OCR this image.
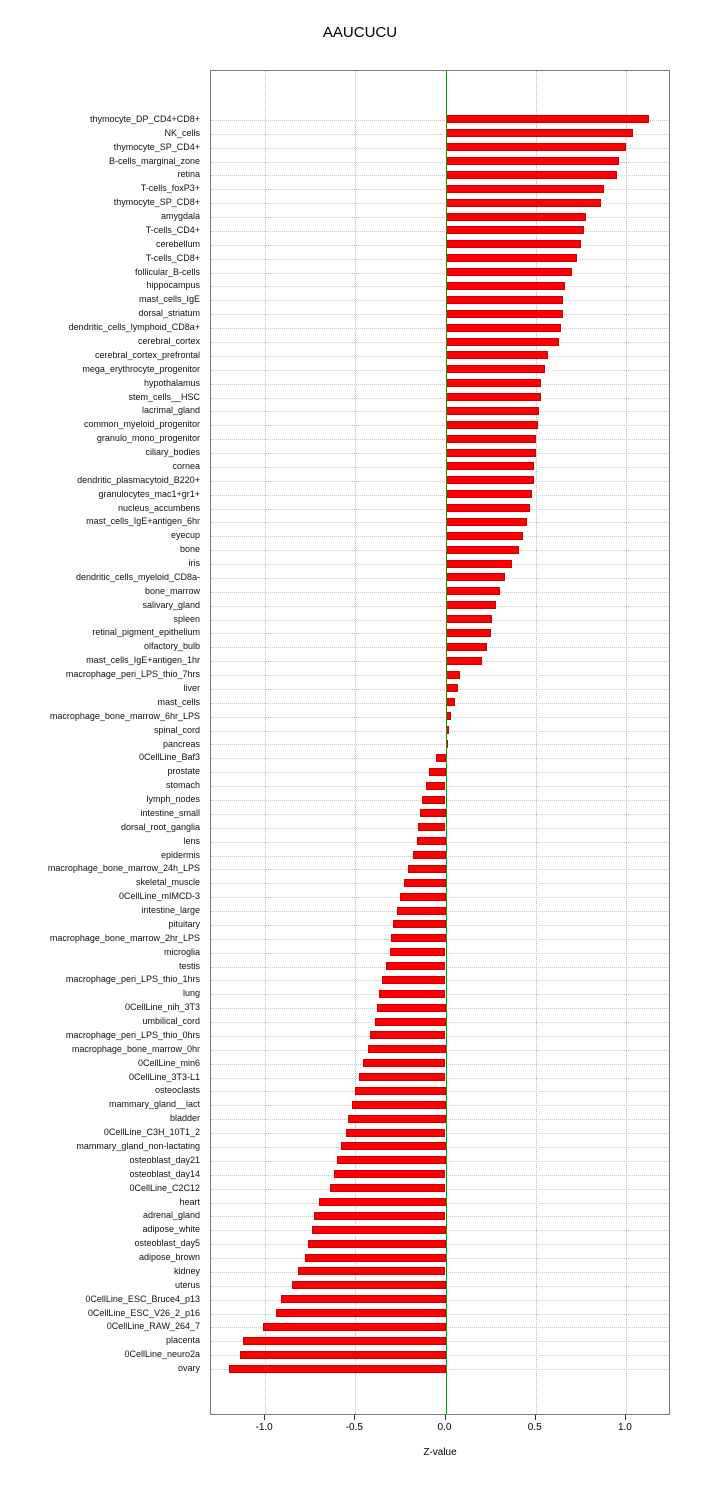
AAUCUCU
thymocyte_DP_CD4+CD8+
NK_cells
thymocyte_SP_CD4+
B-cells_marginal_zone
retina
T-cells_foxP3+
thymocyte_SP_CD8+
amygdala
T-cells_CD4+
cerebellum
T-cells_CD8+
follicular_B-cells
hippocampus
mast_cells_IgE
dorsal_striatum
dendritic_cells_lymphoid_CD8a+
cerebral_cortex
cerebral_cortex_prefrontal
mega_erythrocyte_progenitor
hypothalamus
stem_cells__HSC
lacrimal_gland
common_myeloid_progenitor
granulo_mono_progenitor
ciliary_bodies
cornea
dendritic_plasmacytoid_B220+
granulocytes_mac1+gr1+
nucleus_accumbens
mast_cells_IgE+antigen_6hr
eyecup
bone
iris
dendritic_cells_myeloid_CD8a-
bone_marrow
salivary_gland
spleen
retinal_pigment_epithelium
olfactory_bulb
mast_cells_IgE+antigen_1hr
macrophage_peri_LPS_thio_7hrs
liver
mast_cells
macrophage_bone_marrow_6hr_LPS
spinal_cord
pancreas
0CellLine_Baf3
prostate
stomach
lymph_nodes
intestine_small
dorsal_root_ganglia
lens
epidermis
macrophage_bone_marrow_24h_LPS
skeletal_muscle
0CellLine_mIMCD-3
intestine_large
pituitary
macrophage_bone_marrow_2hr_LPS
microglia
testis
macrophage_peri_LPS_thio_1hrs
lung
0CellLine_nih_3T3
umbilical_cord
macrophage_peri_LPS_thio_0hrs
macrophage_bone_marrow_0hr
0CellLine_min6
0CellLine_3T3-L1
osteoclasts
mammary_gland__lact
bladder
0CellLine_C3H_10T1_2
mammary_gland_non-lactating
osteoblast_day21
osteoblast_day14
0CellLine_C2C12
heart
adrenal_gland
adipose_white
osteoblast_day5
adipose_brown
kidney
uterus
0CellLine_ESC_Bruce4_p13
0CellLine_ESC_V26_2_p16
0CellLine_RAW_264_7
placenta
0CellLine_neuro2a
ovary
-1.0	-0.5	0.0	0.5	1.0
Z-value
